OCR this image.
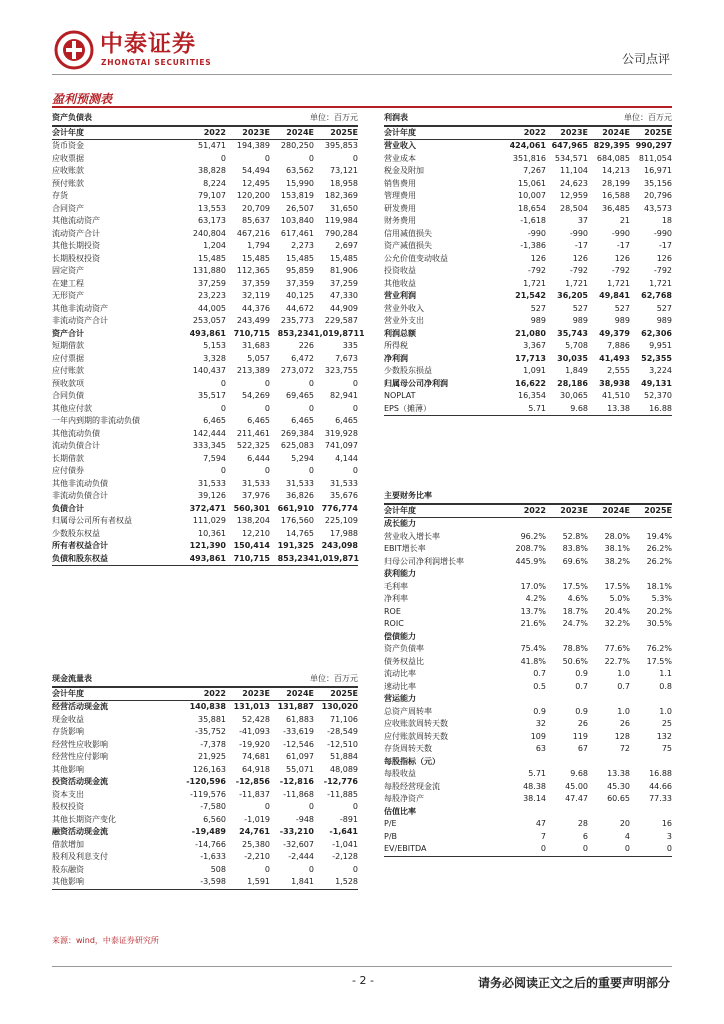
中泰证券
ZHONGTAI SECURITIES	公司点评
盈利预测表
资产负债表	单位：百万元
会计年度	2022	2023E	2024E	2025E
货币资金	51,471	194,389	280,250	395,853
应收票据	0	0	0	0
应收账款	38,828	54,494	63,562	73,121
预付账款	8,224	12,495	15,990	18,958
存货	79,107	120,200	153,819	182,369
合同资产	13,553	20,709	26,507	31,650
其他流动资产	63,173	85,637	103,840	119,984
流动资产合计	240,804	467,216	617,461	790,284
其他长期投资	1,204	1,794	2,273	2,697
长期股权投资	15,485	15,485	15,485	15,485
固定资产	131,880	112,365	95,859	81,906
在建工程	37,259	37,359	37,359	37,259
无形资产	23,223	32,119	40,125	47,330
其他非流动资产	44,005	44,376	44,672	44,909
非流动资产合计	253,057	243,499	235,773	229,587
资产合计	493,861 710,715 853,234 1,019,8711
短期借款	5,153	31,683	226	335
应付票据	3,328	5,057	6,472	7,673
应付账款	140,437	213,389	273,072	323,755
预收款项	0	0	0	0
合同负债	35,517	54,269	69,465	82,941
其他应付款	0	0	0	0
一年内到期的非流动负债	6,465	6,465	6,465	6,465
其他流动负债	142,444	211,461	269,384	319,928
流动负债合计	333,345	522,325	625,083	741,097
长期借款	7,594	6,444	5,294	4,144
应付债券	0	0	0	0
其他非流动负债	31,533	31,533	31,533	31,533
非流动负债合计	39,126	37,976	36,826	35,676
负债合计	372,471 560,301 661,910 776,774
归属母公司所有者权益	111,029	138,204	176,560	225,109
少数股东权益	10,361	12,210	14,765	17,988
所有者权益合计	121,390 150,414 191,325 243,098
负债和股东权益	493,861 710,715 853,234 1,019,871
现金流量表	单位：百万元
会计年度	2022	2023E	2024E	2025E
经营活动现金流	140,838 131,013 131,887 130,020
现金收益	35,881	52,428	61,883	71,106
存货影响	-35,752	-41,093	-33,619	-28,549
经营性应收影响	-7,378	-19,920	-12,546	-12,510
经营性应付影响	21,925	74,681	61,097	51,884
其他影响	126,163	64,918	55,071	48,089
投资活动现金流	-120,596	-12,856	-12,816	-12,776
资本支出	-119,576	-11,837	-11,868	-11,885
股权投资	-7,580	0	0	0
其他长期资产变化	6,560	-1,019	-948	-891
融资活动现金流	-19,489	24,761	-33,210	-1,641
借款增加	-14,766	25,380	-32,607	-1,041
股利及利息支付	-1,633	-2,210	-2,444	-2,128
股东融资	508	0	0	0
其他影响	-3,598	1,591	1,841	1,528
利润表	单位：百万元
会计年度	2022	2023E	2024E	2025E
营业收入	424,061 647,965 829,395 990,297
营业成本	351,816	534,571	684,085	811,054
税金及附加	7,267	11,104	14,213	16,971
销售费用	15,061	24,623	28,199	35,156
管理费用	10,007	12,959	16,588	20,796
研发费用	18,654	28,504	36,485	43,573
财务费用	-1,618	37	21	18
信用减值损失	-990	-990	-990	-990
资产减值损失	-1,386	-17	-17	-17
公允价值变动收益	126	126	126	126
投资收益	-792	-792	-792	-792
其他收益	1,721	1,721	1,721	1,721
营业利润	21,542	36,205	49,841	62,768
营业外收入	527	527	527	527
营业外支出	989	989	989	989
利润总额	21,080	35,743	49,379	62,306
所得税	3,367	5,708	7,886	9,951
净利润	17,713	30,035	41,493	52,355
少数股东损益	1,091	1,849	2,555	3,224
归属母公司净利润	16,622	28,186	38,938	49,131
NOPLAT	16,354	30,065	41,510	52,370
EPS（摊薄）	5.71	9.68	13.38	16.88
主要财务比率
会计年度	2022	2023E	2024E	2025E
成长能力
营业收入增长率	96.2%	52.8%	28.0%	19.4%
EBIT增长率	208.7%	83.8%	38.1%	26.2%
归母公司净利润增长率	445.9%	69.6%	38.2%	26.2%
获利能力
毛利率	17.0%	17.5%	17.5%	18.1%
净利率	4.2%	4.6%	5.0%	5.3%
ROE	13.7%	18.7%	20.4%	20.2%
ROIC	21.6%	24.7%	32.2%	30.5%
偿债能力
资产负债率	75.4%	78.8%	77.6%	76.2%
债务权益比	41.8%	50.6%	22.7%	17.5%
流动比率	0.7	0.9	1.0	1.1
速动比率	0.5	0.7	0.7	0.8
营运能力
总资产周转率	0.9	0.9	1.0	1.0
应收账款周转天数	32	26	26	25
应付账款周转天数	109	119	128	132
存货周转天数	63	67	72	75
每股指标（元）
每股收益	5.71	9.68	13.38	16.88
每股经营现金流	48.38	45.00	45.30	44.66
每股净资产	38.14	47.47	60.65	77.33
估值比率
P/E	47	28	20	16
P/B	7	6	4	3
EV/EBITDA	0	0	0	0
来源：wind，中泰证券研究所
- 2 -	请务必阅读正文之后的重要声明部分
